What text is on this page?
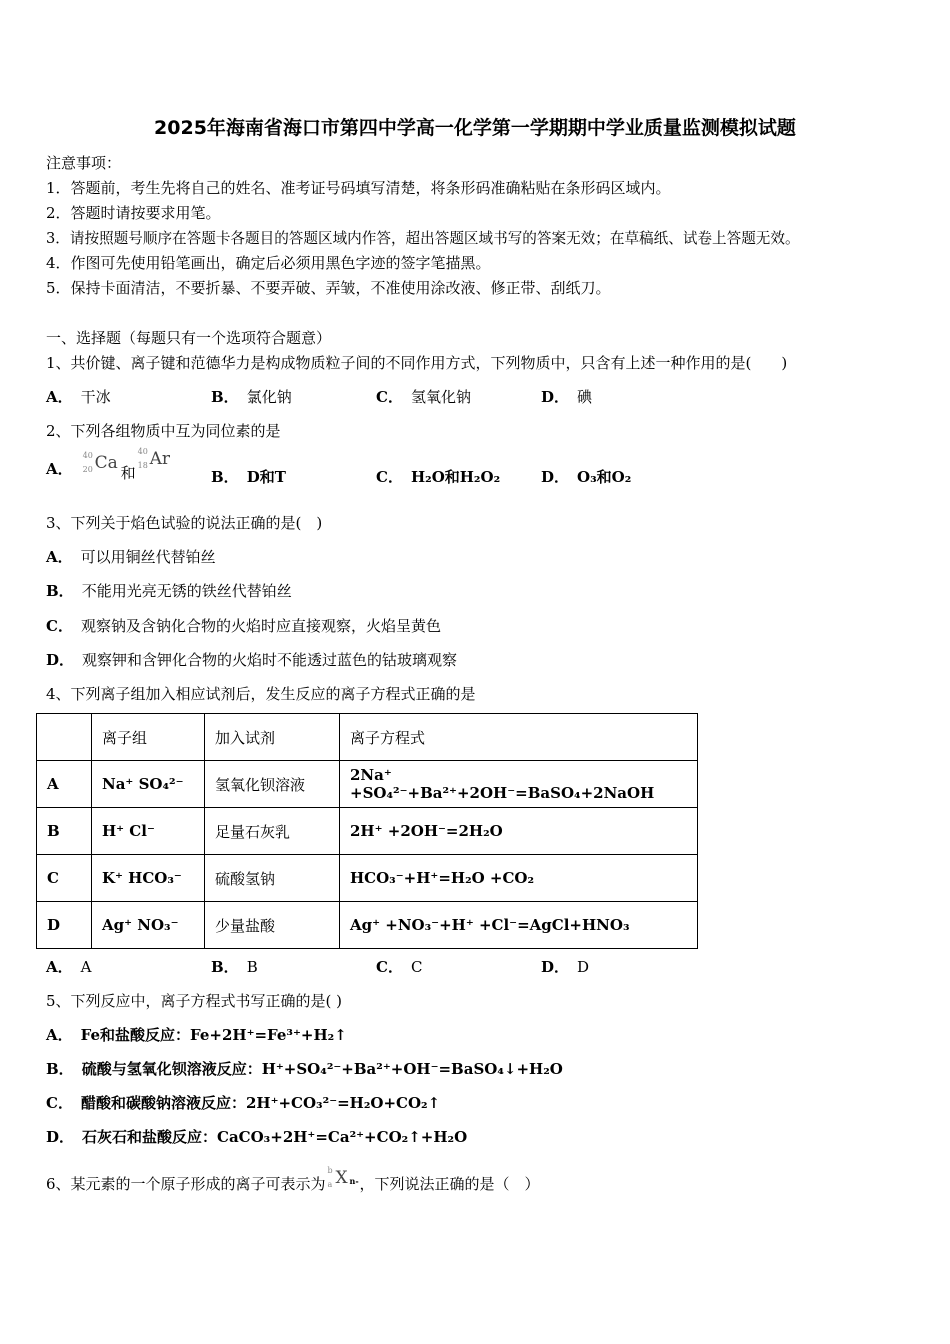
2025年海南省海口市第四中学高一化学第一学期期中学业质量监测模拟试题
注意事项：
1．答题前，考生先将自己的姓名、准考证号码填写清楚，将条形码准确粘贴在条形码区域内。
2．答题时请按要求用笔。
3．请按照题号顺序在答题卡各题目的答题区域内作答，超出答题区域书写的答案无效；在草稿纸、试卷上答题无效。
4．作图可先使用铅笔画出，确定后必须用黑色字迹的签字笔描黑。
5．保持卡面清洁，不要折暴、不要弄破、弄皱，不准使用涂改液、修正带、刮纸刀。
一、选择题（每题只有一个选项符合题意）
1、共价键、离子键和范德华力是构成物质粒子间的不同作用方式，下列物质中，只含有上述一种作用的是(　　)
A． 干冰	B． 氯化钠	C． 氢氧化钠	D． 碘
2、下列各组物质中互为同位素的是
A．
40
20 Ca 和
40
18 Ar
B． D和T	C． H₂O和H₂O₂	D． O₃和O₂
3、下列关于焰色试验的说法正确的是(　)
A． 可以用铜丝代替铂丝
B． 不能用光亮无锈的铁丝代替铂丝
C． 观察钠及含钠化合物的火焰时应直接观察，火焰呈黄色
D． 观察钾和含钾化合物的火焰时不能透过蓝色的钴玻璃观察
4、下列离子组加入相应试剂后，发生反应的离子方程式正确的是
	离子组	加入试剂	离子方程式
A	Na⁺ SO₄²⁻	氢氧化钡溶液	2Na⁺ +SO₄²⁻+Ba²⁺+2OH⁻=BaSO₄+2NaOH
B	H⁺ Cl⁻	足量石灰乳	2H⁺ +2OH⁻=2H₂O
C	K⁺ HCO₃⁻	硫酸氢钠	HCO₃⁻+H⁺=H₂O +CO₂
D	Ag⁺ NO₃⁻	少量盐酸	Ag⁺ +NO₃⁻+H⁺ +Cl⁻=AgCl+HNO₃
A． A	B． B	C． C	D． D
5、下列反应中，离子方程式书写正确的是( )
A． Fe和盐酸反应：Fe+2H⁺=Fe³⁺+H₂↑
B． 硫酸与氢氧化钡溶液反应：H⁺+SO₄²⁻+Ba²⁺+OH⁻=BaSO₄↓+H₂O
C． 醋酸和碳酸钠溶液反应：2H⁺+CO₃²⁻=H₂O+CO₂↑
D． 石灰石和盐酸反应：CaCO₃+2H⁺=Ca²⁺+CO₂↑+H₂O
6、某元素的一个原子形成的离子可表示为
b
a X n- ，下列说法正确的是（　）
